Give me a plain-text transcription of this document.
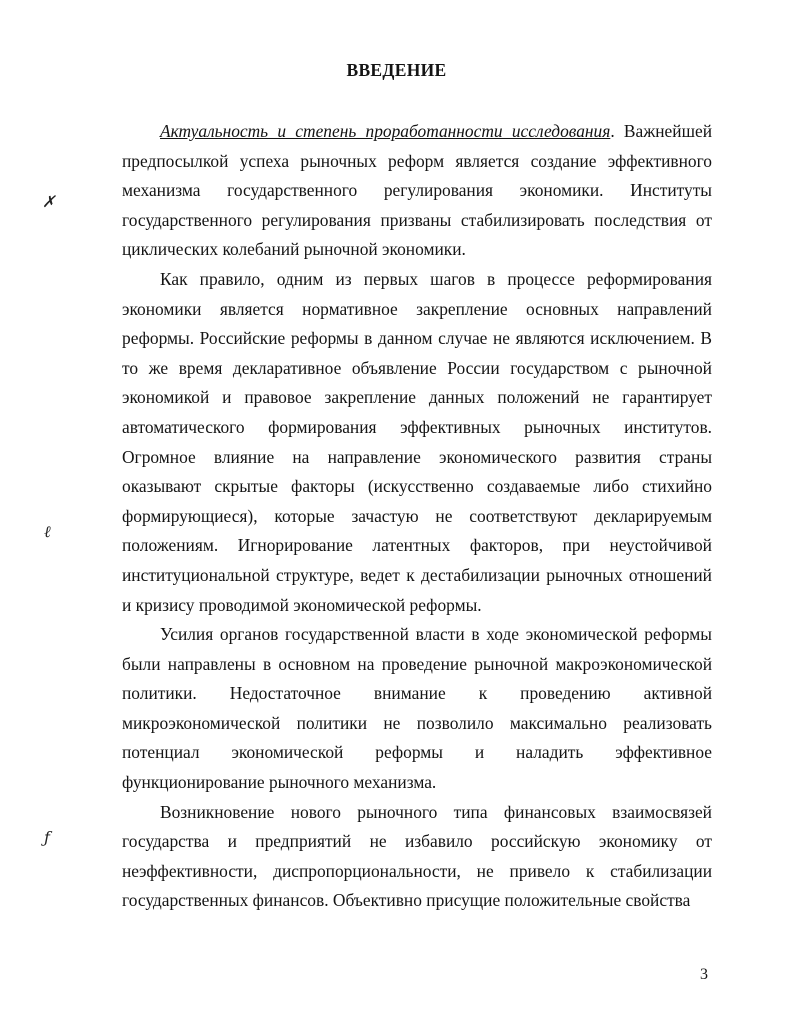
ВВЕДЕНИЕ
✗
ℓ
ƒ

Актуальность и степень проработанности исследования. Важнейшей предпосылкой успеха рыночных реформ является создание эффективного механизма государственного регулирования экономики. Институты государственного регулирования призваны стабилизировать последствия от циклических колебаний рыночной экономики.

Как правило, одним из первых шагов в процессе реформирования экономики является нормативное закрепление основных направлений реформы. Российские реформы в данном случае не являются исключением. В то же время декларативное объявление России государством с рыночной экономикой и правовое закрепление данных положений не гарантирует автоматического формирования эффективных рыночных институтов. Огромное влияние на направление экономического развития страны оказывают скрытые факторы (искусственно создаваемые либо стихийно формирующиеся), которые зачастую не соответствуют декларируемым положениям. Игнорирование латентных факторов, при неустойчивой институциональной структуре, ведет к дестабилизации рыночных отношений и кризису проводимой экономической реформы.

Усилия органов государственной власти в ходе экономической реформы были направлены в основном на проведение рыночной макроэкономической политики. Недостаточное внимание к проведению активной микроэкономической политики не позволило максимально реализовать потенциал экономической реформы и наладить эффективное функционирование рыночного механизма.

Возникновение нового рыночного типа финансовых взаимосвязей государства и предприятий не избавило российскую экономику от неэффективности, диспропорциональности, не привело к стабилизации государственных финансов. Объективно присущие положительные свойства

3
